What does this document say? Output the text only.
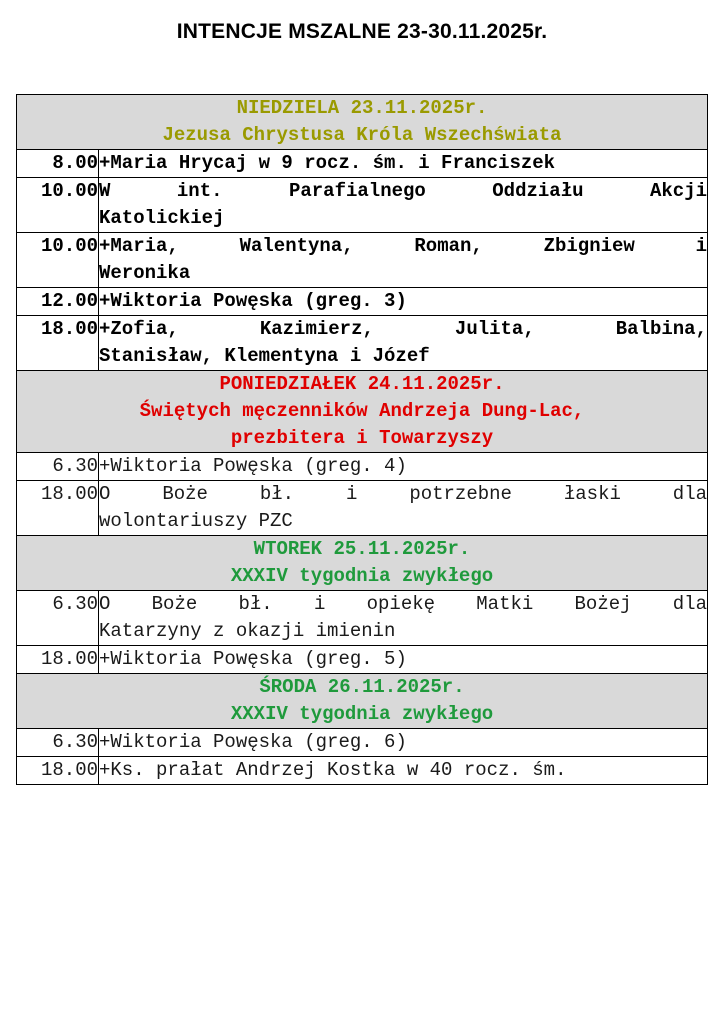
INTENCJE MSZALNE 23-30.11.2025r.
NIEDZIELA 23.11.2025r.
Jezusa Chrystusa Króla Wszechświata	

8.00	+Maria Hrycaj w 9 rocz. śm. i Franciszek

10.00	W int. Parafialnego Oddziału Akcji
Katolickiej

10.00	+Maria, Walentyna, Roman, Zbigniew i
Weronika

12.00	+Wiktoria Powęska (greg. 3)

18.00	+Zofia, Kazimierz, Julita, Balbina,
Stanisław, Klementyna i Józef

PONIEDZIAŁEK 24.11.2025r.
Świętych męczenników Andrzeja Dung-Lac,
prezbitera i Towarzyszy	

6.30	+Wiktoria Powęska (greg. 4)

18.00	O Boże bł. i potrzebne łaski dla
wolontariuszy PZC

WTOREK 25.11.2025r.
XXXIV tygodnia zwykłego	

6.30	O Boże bł. i opiekę Matki Bożej dla
Katarzyny z okazji imienin

18.00	+Wiktoria Powęska (greg. 5)

ŚRODA 26.11.2025r.
XXXIV tygodnia zwykłego	

6.30	+Wiktoria Powęska (greg. 6)

18.00	+Ks. prałat Andrzej Kostka w 40 rocz. śm.
